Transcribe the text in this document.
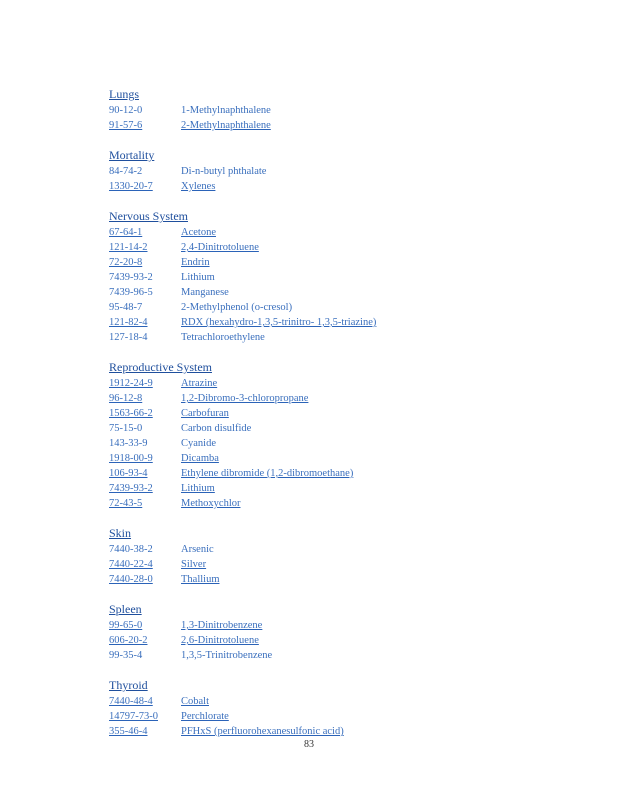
Lungs
90-12-0	1-Methylnaphthalene
91-57-6	2-Methylnaphthalene
Mortality
84-74-2	Di-n-butyl phthalate
1330-20-7	Xylenes
Nervous System
67-64-1	Acetone
121-14-2	2,4-Dinitrotoluene
72-20-8	Endrin
7439-93-2	Lithium
7439-96-5	Manganese
95-48-7	2-Methylphenol (o-cresol)
121-82-4	RDX (hexahydro-1,3,5-trinitro- 1,3,5-triazine)
127-18-4	Tetrachloroethylene
Reproductive System
1912-24-9	Atrazine
96-12-8	1,2-Dibromo-3-chloropropane
1563-66-2	Carbofuran
75-15-0	Carbon disulfide
143-33-9	Cyanide
1918-00-9	Dicamba
106-93-4	Ethylene dibromide (1,2-dibromoethane)
7439-93-2	Lithium
72-43-5	Methoxychlor
Skin
7440-38-2	Arsenic
7440-22-4	Silver
7440-28-0	Thallium
Spleen
99-65-0	1,3-Dinitrobenzene
606-20-2	2,6-Dinitrotoluene
99-35-4	1,3,5-Trinitrobenzene
Thyroid
7440-48-4	Cobalt
14797-73-0	Perchlorate
355-46-4	PFHxS (perfluorohexanesulfonic acid)
83
